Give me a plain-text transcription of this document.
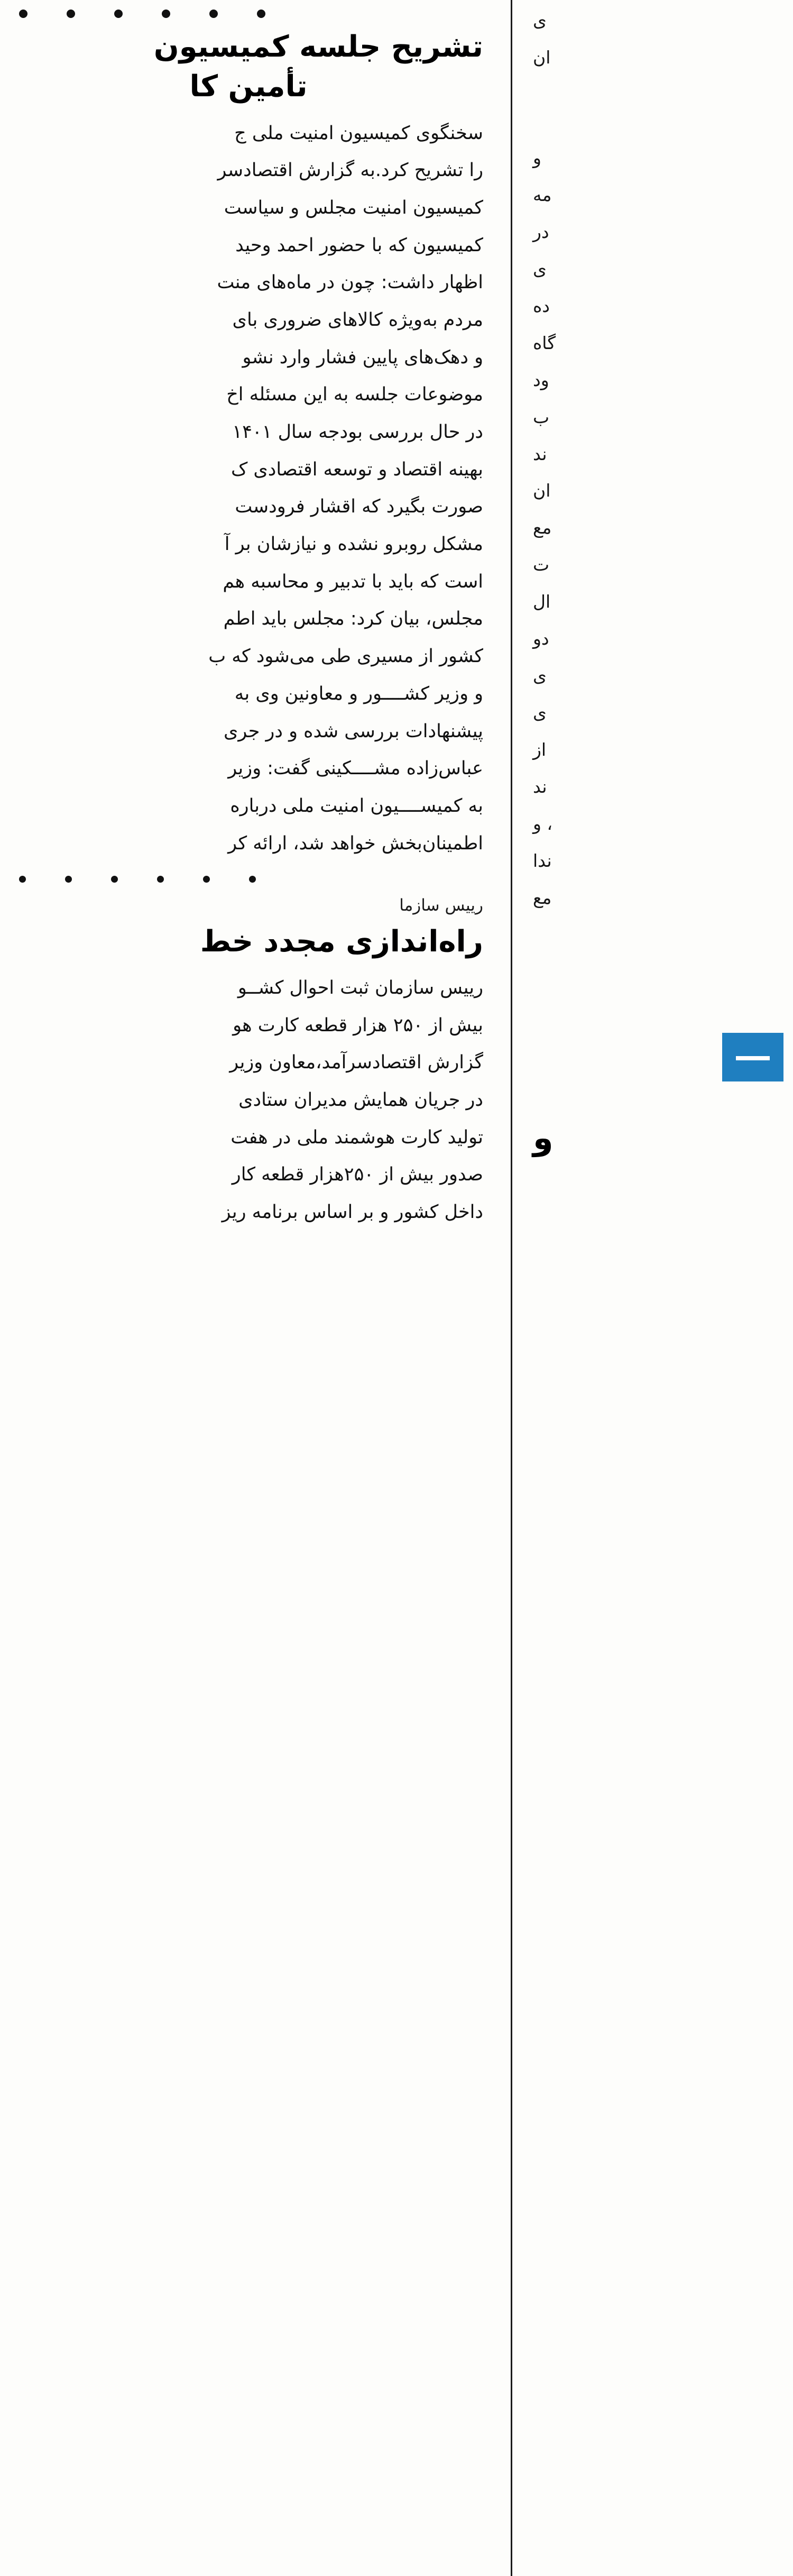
تشریح جلسه کمیسیون
تأمین کا

سخنگوی کمیسیون امنیت ملی ج

را تشریح کرد.به گزارش اقتصادسر

کمیسیون امنیت مجلس و سیاست

کمیسیون که با حضور احمد وحید

اظهار داشت: چون در ماه‌های منت

مردم به‌ویژه کالاهای ضروری بای

و دهک‌های پایین فشار وارد نشو

موضوعات جلسه به این مسئله اخ

در حال بررسی بودجه سال ۱۴۰۱

بهینه اقتصاد و توسعه اقتصادی ک

صورت بگیرد که اقشار فرودست

مشکل روبرو نشده و نیازشان بر آ

است که باید با تدبیر و محاسبه هم

مجلس، بیان کرد: مجلس باید اطم

کشور از مسیری طی می‌شود که ب

و وزیر کشــــور و معاونین وی به

پیشنهادات بررسی شده و در جری

عباس‌زاده مشــــکینی گفت: وزیر

به کمیســــیون امنیت ملی درباره

اطمینان‌بخش خواهد شد، ارائه کر

رییس سازما
راه‌اندازی مجدد خط

رییس سازمان ثبت احوال کشــو

بیش از ۲۵۰ هزار قطعه کارت هو

گزارش اقتصادسرآمد،معاون وزیر

در جریان همایش مدیران ستادی

تولید کارت هوشمند ملی در هفت

صدور بیش از ۲۵۰هزار قطعه کار

داخل کشور و بر اساس برنامه ریز

ی

ان

و

مه

در

ی

ده

گاه

ود

ب

ند

ان

مع

ت

ال

دو

ی

ی

از

ند

، و

ندا

مع

و
